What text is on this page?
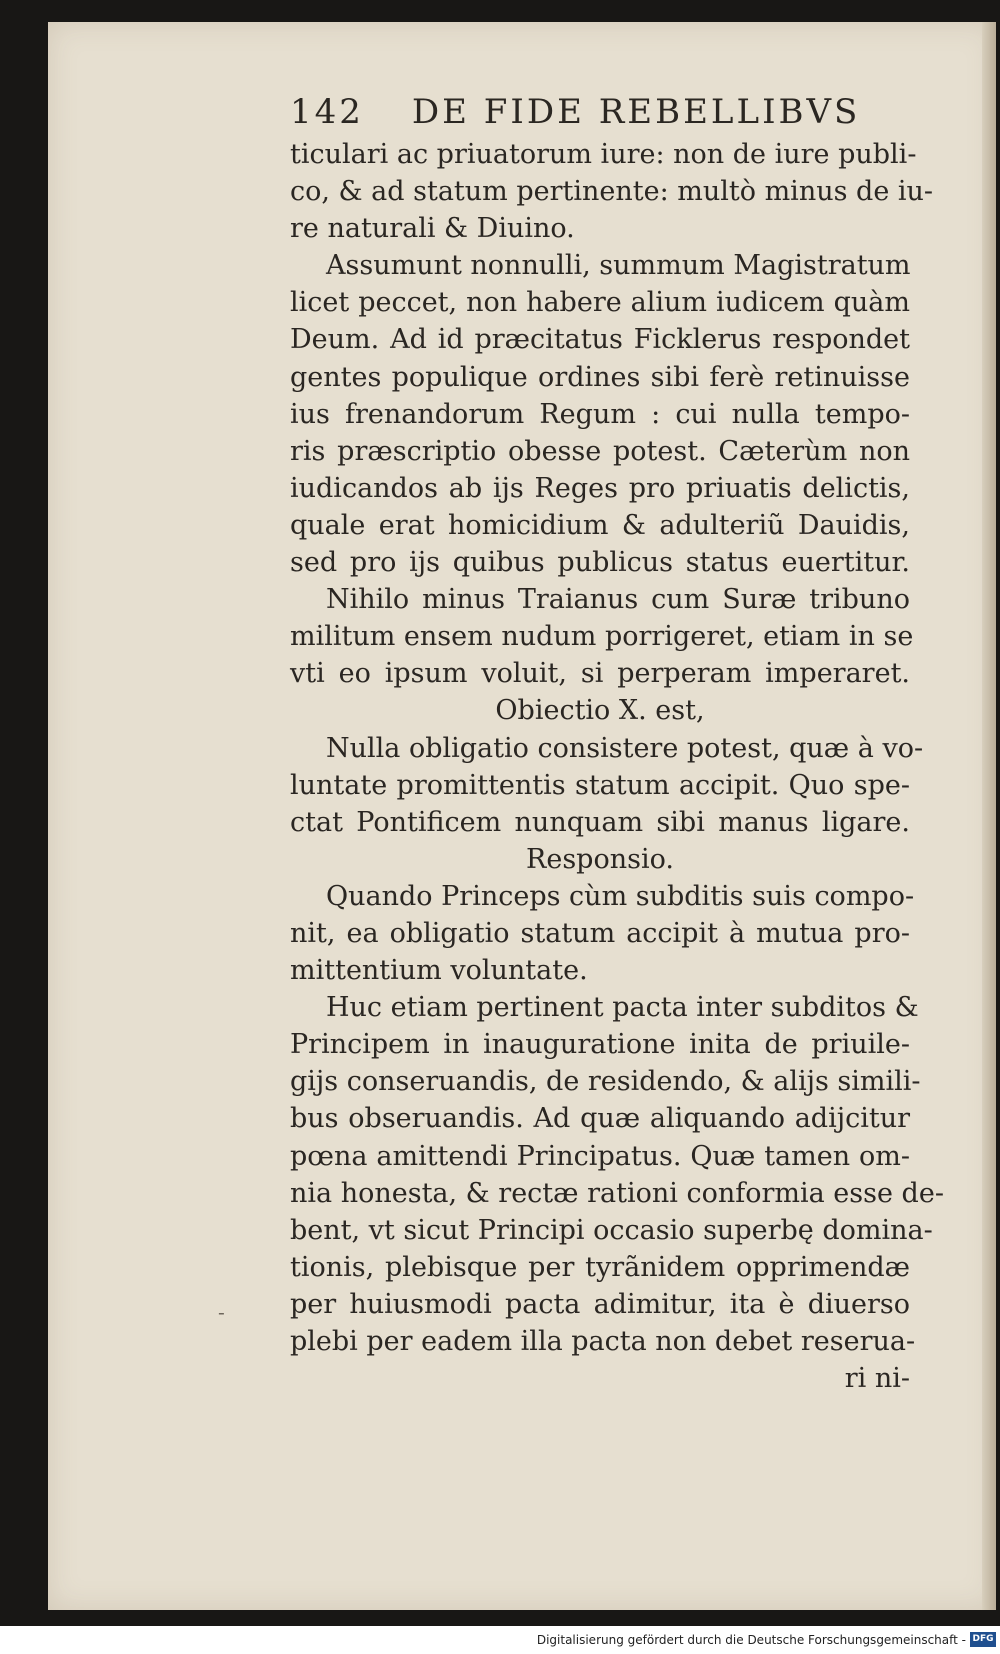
142 DE FIDE REBELLIBVS
ticulari ac priuatorum iure: non de iure publi-
co, & ad statum pertinente: multò minus de iu-
re naturali & Diuino.
Assumunt nonnulli, summum Magistratum
licet peccet, non habere alium iudicem quàm
Deum. Ad id præcitatus Ficklerus respondet
gentes populique ordines sibi ferè retinuisse
ius frenandorum Regum : cui nulla tempo-
ris præscriptio obesse potest. Cæterùm non
iudicandos ab ijs Reges pro priuatis delictis,
quale erat homicidium & adulteriũ Dauidis,
sed pro ijs quibus publicus status euertitur.
Nihilo minus Traianus cum Suræ tribuno
militum ensem nudum porrigeret, etiam in se
vti eo ipsum voluit, si perperam imperaret.
Obiectio X. est,
Nulla obligatio consistere potest, quæ à vo-
luntate promittentis statum accipit. Quo spe-
ctat Pontificem nunquam sibi manus ligare.
Responsio.
Quando Princeps cùm subditis suis compo-
nit, ea obligatio statum accipit à mutua pro-
mittentium voluntate.
Huc etiam pertinent pacta inter subditos &
Principem in inauguratione inita de priuile-
gijs conseruandis, de residendo, & alijs simili-
bus obseruandis. Ad quæ aliquando adijcitur
pœna amittendi Principatus. Quæ tamen om-
nia honesta, & rectæ rationi conformia esse de-
bent, vt sicut Principi occasio superbę domina-
tionis, plebisque per tyrãnidem opprimendæ
per huiusmodi pacta adimitur, ita è diuerso
plebi per eadem illa pacta non debet reserua-
ri ni-
-
Digitalisierung gefördert durch die Deutsche Forschungsgemeinschaft - DFG
